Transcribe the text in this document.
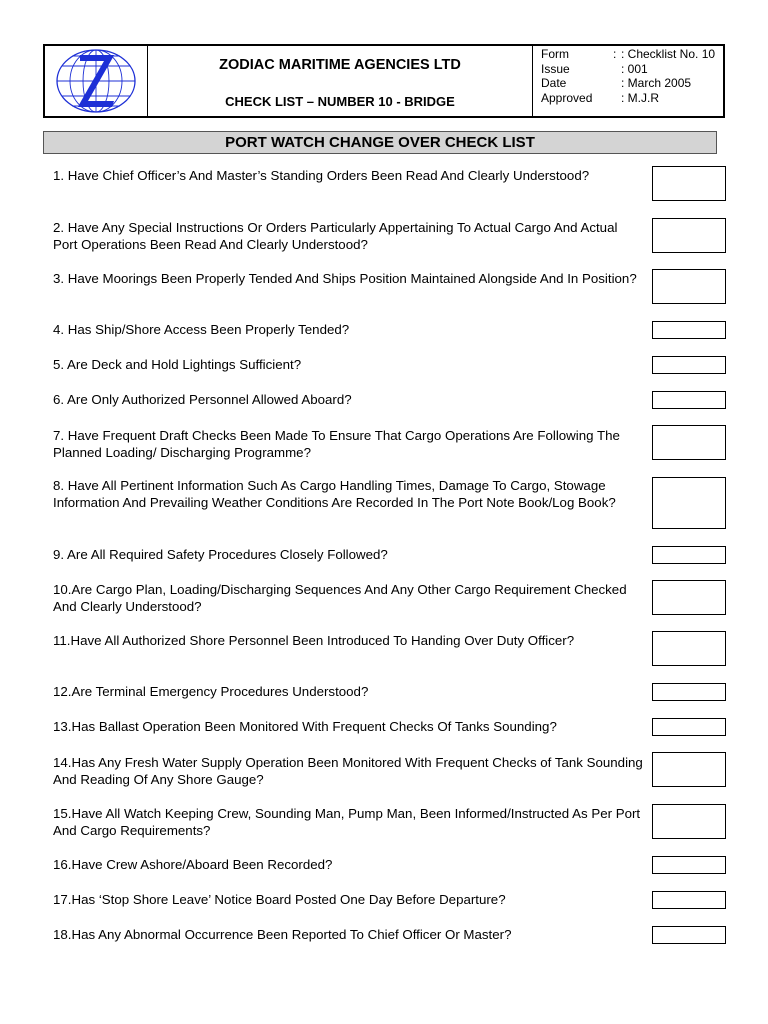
ZODIAC MARITIME AGENCIES LTD
CHECK LIST – NUMBER 10 - BRIDGE
Form	: : Checklist No. 10
Issue	: 001
Date	: March 2005
Approved	: M.J.R
PORT WATCH CHANGE OVER CHECK LIST
1. Have Chief Officer’s And Master’s Standing Orders Been Read And Clearly Understood?
2. Have Any Special Instructions Or Orders Particularly Appertaining To Actual Cargo And Actual Port Operations Been Read And Clearly Understood?
3. Have Moorings Been Properly Tended And Ships Position Maintained Alongside And In Position?
4. Has Ship/Shore Access Been Properly Tended?
5. Are Deck and Hold Lightings Sufficient?
6. Are Only Authorized Personnel Allowed Aboard?
7. Have Frequent Draft Checks Been Made To Ensure That Cargo Operations Are Following The Planned Loading/ Discharging Programme?
8. Have All Pertinent Information Such As Cargo Handling Times, Damage To Cargo, Stowage Information And Prevailing Weather Conditions Are Recorded In The Port Note Book/Log Book?
9. Are All Required Safety Procedures Closely Followed?
10.Are Cargo Plan, Loading/Discharging Sequences And Any Other Cargo Requirement Checked And Clearly Understood?
11.Have All Authorized Shore Personnel Been Introduced To Handing Over Duty Officer?
12.Are Terminal Emergency Procedures Understood?
13.Has Ballast Operation Been Monitored With Frequent Checks Of Tanks Sounding?
14.Has Any Fresh Water Supply Operation Been Monitored With Frequent Checks of Tank Sounding And Reading Of Any Shore Gauge?
15.Have All Watch Keeping Crew, Sounding Man, Pump Man, Been Informed/Instructed As Per Port And Cargo Requirements?
16.Have Crew Ashore/Aboard Been Recorded?
17.Has ‘Stop Shore Leave’ Notice Board Posted One Day Before Departure?
18.Has Any Abnormal Occurrence Been Reported To Chief Officer Or Master?
